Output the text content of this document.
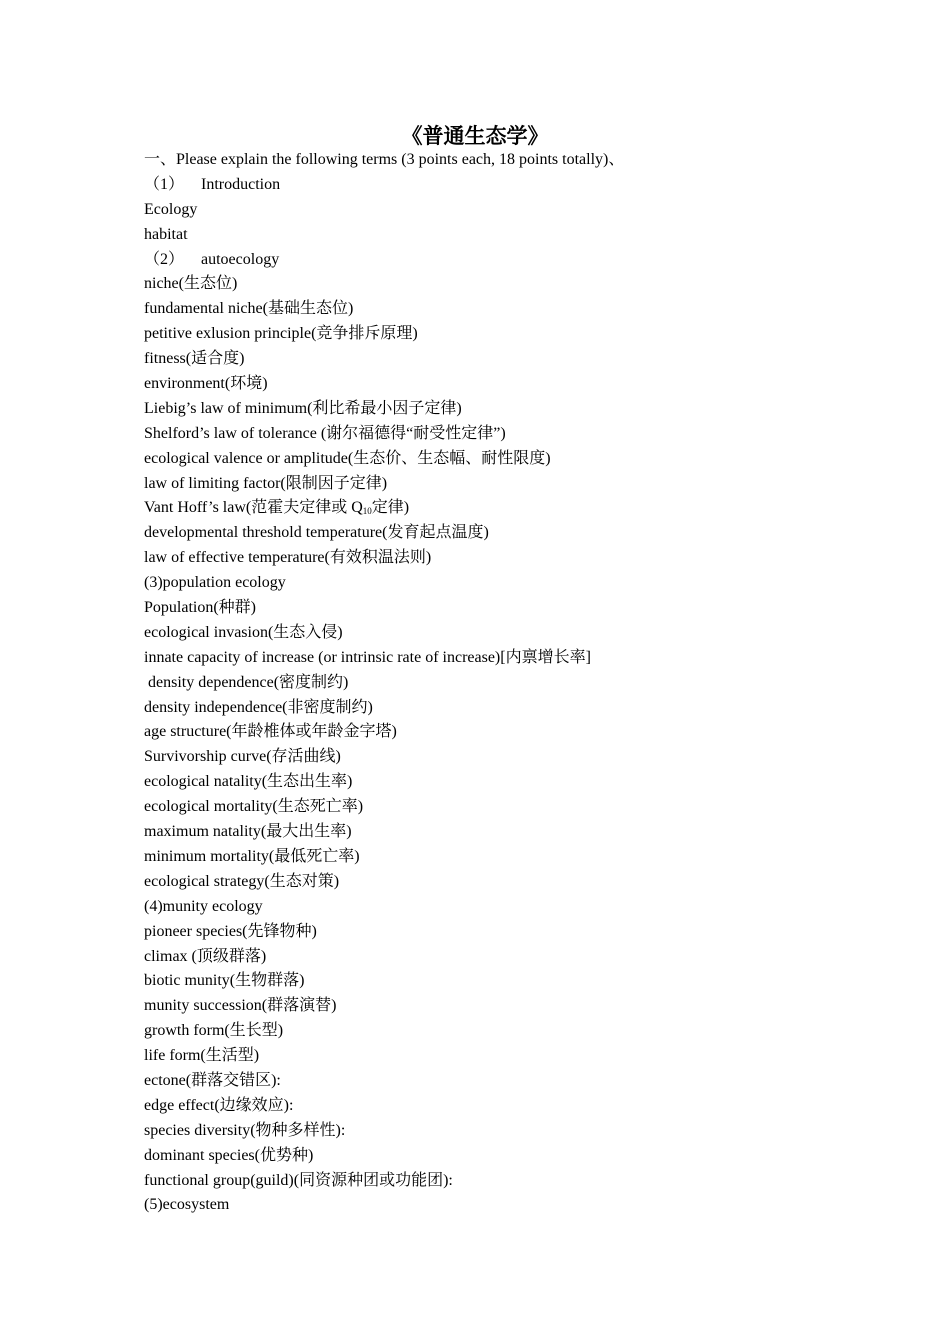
《普通生态学》
一、Please explain the following terms (3 points each, 18 points totally)、
（1） Introduction
Ecology
habitat
（2） autoecology
niche(生态位)
fundamental niche(基础生态位)
petitive exlusion principle(竞争排斥原理)
fitness(适合度)
environment(环境)
Liebig’s law of minimum(利比希最小因子定律)
Shelford’s law of tolerance (谢尔福德得“耐受性定律”)
ecological valence or amplitude(生态价、生态幅、耐性限度)
law of limiting factor(限制因子定律)
Vant Hoff’s law(范霍夫定律或 $Q_{10}$定律)
developmental threshold temperature(发育起点温度)
law of effective temperature(有效积温法则)
(3)population ecology
Population(种群)
ecological invasion(生态入侵)
innate capacity of increase (or intrinsic rate of increase)[内禀增长率]
density dependence(密度制约)
density independence(非密度制约)
age structure(年龄椎体或年龄金字塔)
Survivorship curve(存活曲线)
ecological natality(生态出生率)
ecological mortality(生态死亡率)
maximum natality(最大出生率)
minimum mortality(最低死亡率)
ecological strategy(生态对策)
(4)munity ecology
pioneer species(先锋物种)
climax (顶级群落)
biotic munity(生物群落)
munity succession(群落演替)
growth form(生长型)
life form(生活型)
ectone(群落交错区):
edge effect(边缘效应):
species diversity(物种多样性):
dominant species(优势种)
functional group(guild)(同资源种团或功能团):
(5)ecosystem
